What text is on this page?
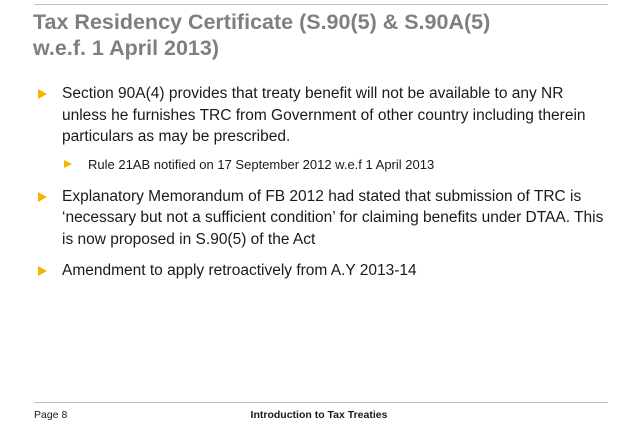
Tax Residency Certificate (S.90(5) & S.90A(5)
w.e.f. 1 April 2013)
Section 90A(4) provides that treaty benefit will not be available to any NR unless he furnishes TRC from Government of other country including therein particulars as may be prescribed.
Rule 21AB notified on 17 September 2012 w.e.f 1 April 2013
Explanatory Memorandum of FB 2012 had stated that submission of TRC is ‘necessary but not a sufficient condition’ for claiming benefits under DTAA. This is now proposed in S.90(5) of the Act
Amendment to apply retroactively from A.Y 2013-14
Page 8	Introduction to Tax Treaties
